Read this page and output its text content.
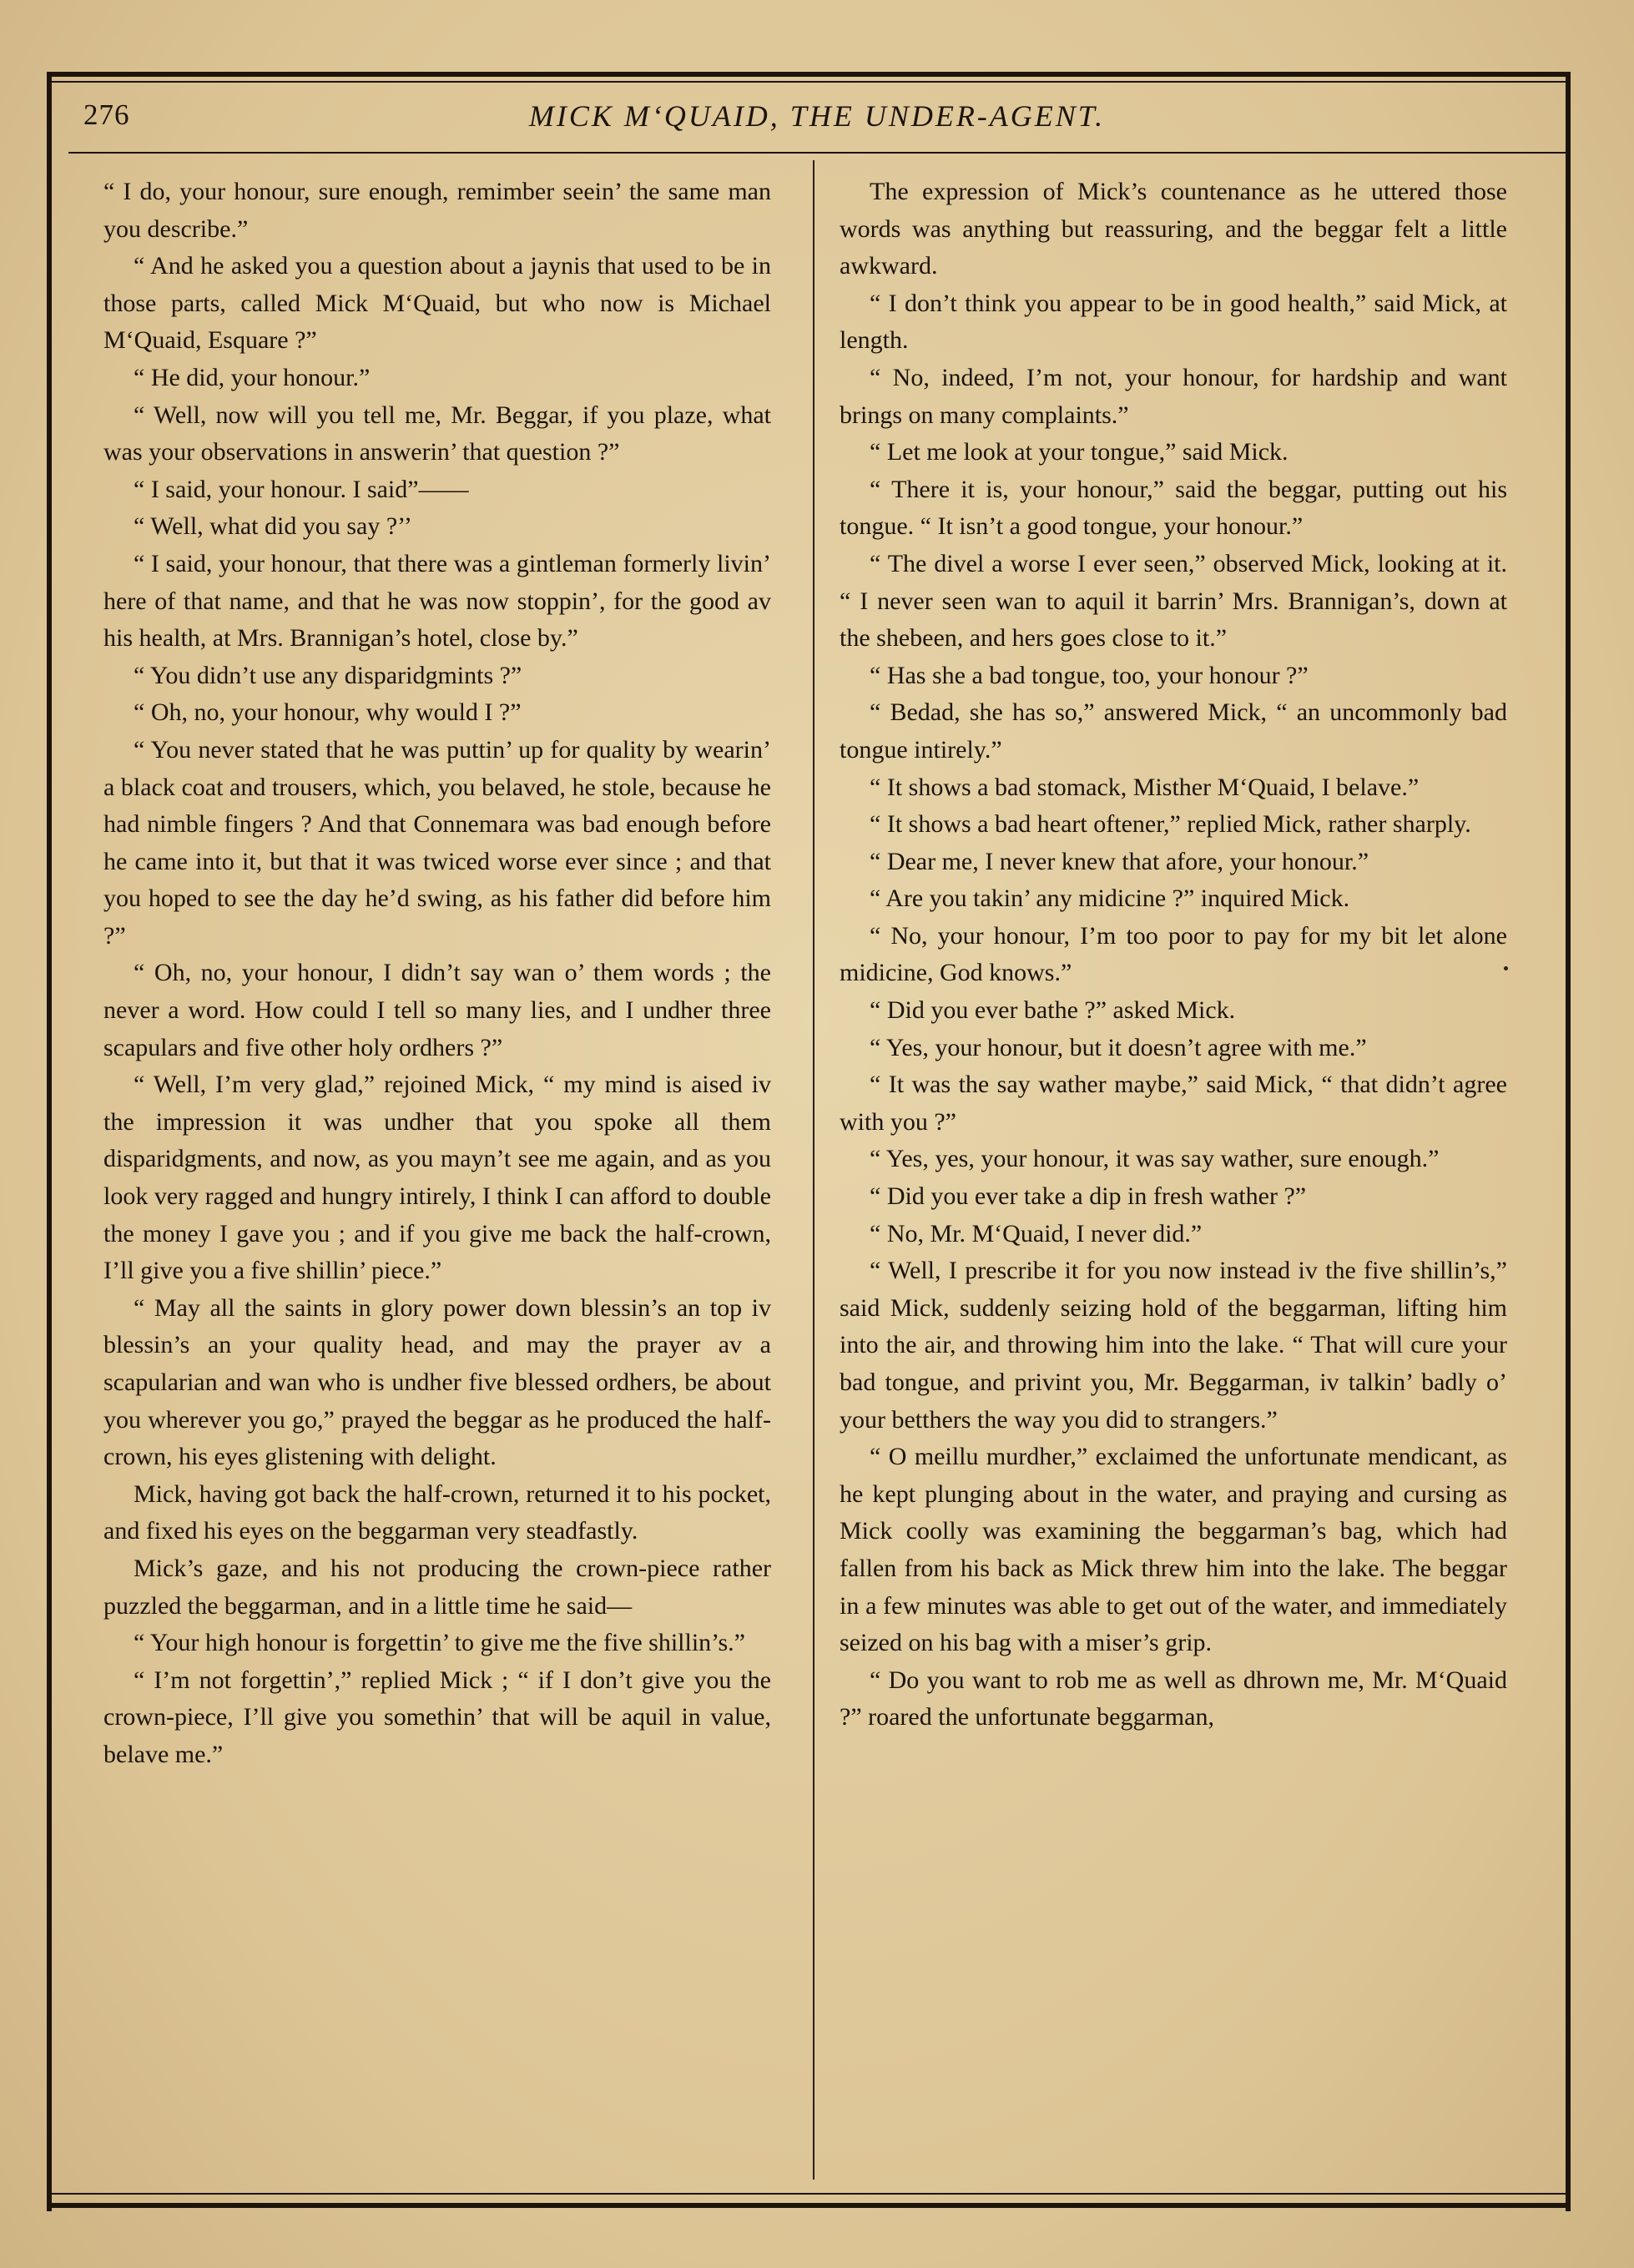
276	MICK M‘QUAID, THE UNDER-AGENT.

“ I do, your honour, sure enough, remimber seein’ the same man you describe.”

“ And he asked you a question about a jaynis that used to be in those parts, called Mick M‘Quaid, but who now is Michael M‘Quaid, Esquare ?”

“ He did, your honour.”

“ Well, now will you tell me, Mr. Beggar, if you plaze, what was your observations in answerin’ that question ?”

“ I said, your honour. I said”——

“ Well, what did you say ?’’

“ I said, your honour, that there was a gintleman formerly livin’ here of that name, and that he was now stoppin’, for the good av his health, at Mrs. Brannigan’s hotel, close by.”

“ You didn’t use any disparidgmints ?”

“ Oh, no, your honour, why would I ?”

“ You never stated that he was puttin’ up for quality by wearin’ a black coat and trousers, which, you belaved, he stole, because he had nimble fingers ? And that Connemara was bad enough before he came into it, but that it was twiced worse ever since ; and that you hoped to see the day he’d swing, as his father did before him ?”

“ Oh, no, your honour, I didn’t say wan o’ them words ; the never a word. How could I tell so many lies, and I undher three scapulars and five other holy ordhers ?”

“ Well, I’m very glad,” rejoined Mick, “ my mind is aised iv the impression it was undher that you spoke all them disparidgments, and now, as you mayn’t see me again, and as you look very ragged and hungry intirely, I think I can afford to double the money I gave you ; and if you give me back the half-crown, I’ll give you a five shillin’ piece.”

“ May all the saints in glory power down blessin’s an top iv blessin’s an your quality head, and may the prayer av a scapularian and wan who is undher five blessed ordhers, be about you wherever you go,” prayed the beggar as he produced the half-crown, his eyes glistening with delight.

Mick, having got back the half-crown, returned it to his pocket, and fixed his eyes on the beggarman very steadfastly.

Mick’s gaze, and his not producing the crown-piece rather puzzled the beggarman, and in a little time he said—

“ Your high honour is forgettin’ to give me the five shillin’s.”

“ I’m not forgettin’,” replied Mick ; “ if I don’t give you the crown-piece, I’ll give you somethin’ that will be aquil in value, belave me.”

The expression of Mick’s countenance as he uttered those words was anything but reassuring, and the beggar felt a little awkward.

“ I don’t think you appear to be in good health,” said Mick, at length.

“ No, indeed, I’m not, your honour, for hardship and want brings on many complaints.”

“ Let me look at your tongue,” said Mick.

“ There it is, your honour,” said the beggar, putting out his tongue. “ It isn’t a good tongue, your honour.”

“ The divel a worse I ever seen,” observed Mick, looking at it. “ I never seen wan to aquil it barrin’ Mrs. Brannigan’s, down at the shebeen, and hers goes close to it.”

“ Has she a bad tongue, too, your honour ?”

“ Bedad, she has so,” answered Mick, “ an uncommonly bad tongue intirely.”

“ It shows a bad stomack, Misther M‘Quaid, I belave.”

“ It shows a bad heart oftener,” replied Mick, rather sharply.

“ Dear me, I never knew that afore, your honour.”

“ Are you takin’ any midicine ?” inquired Mick.

“ No, your honour, I’m too poor to pay for my bit let alone midicine, God knows.”

“ Did you ever bathe ?” asked Mick.

“ Yes, your honour, but it doesn’t agree with me.”

“ It was the say wather maybe,” said Mick, “ that didn’t agree with you ?”

“ Yes, yes, your honour, it was say wather, sure enough.”

“ Did you ever take a dip in fresh wather ?”

“ No, Mr. M‘Quaid, I never did.”

“ Well, I prescribe it for you now instead iv the five shillin’s,” said Mick, suddenly seizing hold of the beggarman, lifting him into the air, and throwing him into the lake. “ That will cure your bad tongue, and privint you, Mr. Beggarman, iv talkin’ badly o’ your betthers the way you did to strangers.”

“ O meillu murdher,” exclaimed the unfortunate mendicant, as he kept plunging about in the water, and praying and cursing as Mick coolly was examining the beggarman’s bag, which had fallen from his back as Mick threw him into the lake. The beggar in a few minutes was able to get out of the water, and immediately seized on his bag with a miser’s grip.

“ Do you want to rob me as well as dhrown me, Mr. M‘Quaid ?” roared the unfortunate beggarman,
